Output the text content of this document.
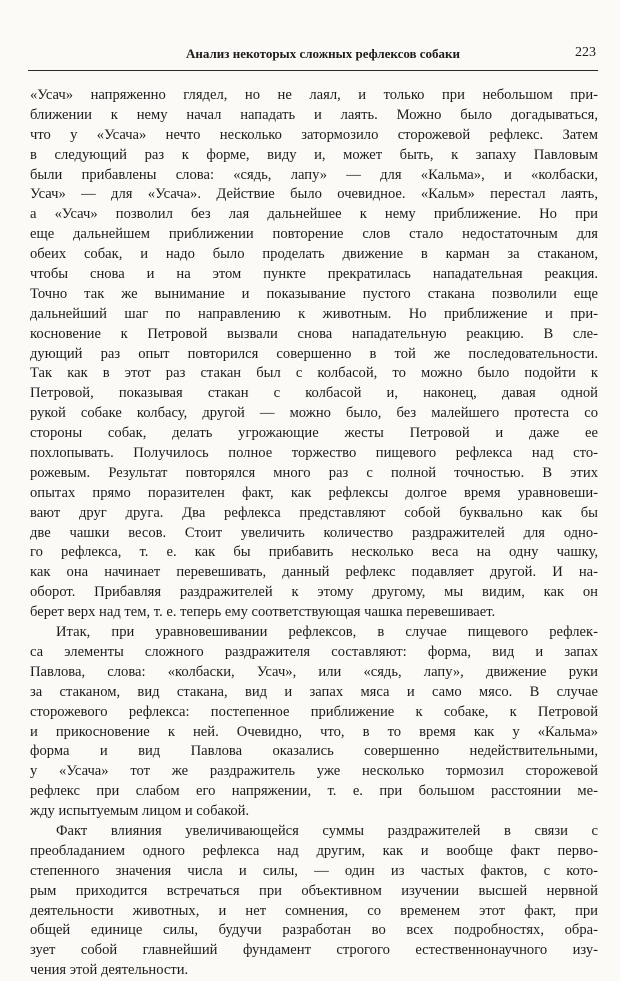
Анализ некоторых сложных рефлексов собаки	223
«Усач» напряженно глядел, но не лаял, и только при небольшом при-
ближении к нему начал нападать и лаять. Можно было догадываться,
что у «Усача» нечто несколько затормозило сторожевой рефлекс. Затем
в следующий раз к форме, виду и, может быть, к запаху Павловым
были прибавлены слова: «сядь, лапу» — для «Кальма», и «колбаски,
Усач» — для «Усача». Действие было очевидное. «Кальм» перестал лаять,
а «Усач» позволил без лая дальнейшее к нему приближение. Но при
еще дальнейшем приближении повторение слов стало недостаточным для
обеих собак, и надо было проделать движение в карман за стаканом,
чтобы снова и на этом пункте прекратилась нападательная реакция.
Точно так же вынимание и показывание пустого стакана позволили еще
дальнейший шаг по направлению к животным. Но приближение и при-
косновение к Петровой вызвали снова нападательную реакцию. В сле-
дующий раз опыт повторился совершенно в той же последовательности.
Так как в этот раз стакан был с колбасой, то можно было подойти к
Петровой, показывая стакан с колбасой и, наконец, давая одной
рукой собаке колбасу, другой — можно было, без малейшего протеста со
стороны собак, делать угрожающие жесты Петровой и даже ее
похлопывать. Получилось полное торжество пищевого рефлекса над сто-
рожевым. Результат повторялся много раз с полной точностью. В этих
опытах прямо поразителен факт, как рефлексы долгое время уравновеши-
вают друг друга. Два рефлекса представляют собой буквально как бы
две чашки весов. Стоит увеличить количество раздражителей для одно-
го рефлекса, т. е. как бы прибавить несколько веса на одну чашку,
как она начинает перевешивать, данный рефлекс подавляет другой. И на-
оборот. Прибавляя раздражителей к этому другому, мы видим, как он
берет верх над тем, т. е. теперь ему соответствующая чашка перевешивает.
Итак, при уравновешивании рефлексов, в случае пищевого рефлек-
са элементы сложного раздражителя составляют: форма, вид и запах
Павлова, слова: «колбаски, Усач», или «сядь, лапу», движение руки
за стаканом, вид стакана, вид и запах мяса и само мясо. В случае
сторожевого рефлекса: постепенное приближение к собаке, к Петровой
и прикосновение к ней. Очевидно, что, в то время как у «Кальма»
форма и вид Павлова оказались совершенно недействительными,
у «Усача» тот же раздражитель уже несколько тормозил сторожевой
рефлекс при слабом его напряжении, т. е. при большом расстоянии ме-
жду испытуемым лицом и собакой.
Факт влияния увеличивающейся суммы раздражителей в связи с
преобладанием одного рефлекса над другим, как и вообще факт перво-
степенного значения числа и силы, — один из частых фактов, с кото-
рым приходится встречаться при объективном изучении высшей нервной
деятельности животных, и нет сомнения, со временем этот факт, при
общей единице силы, будучи разработан во всех подробностях, обра-
зует собой главнейший фундамент строгого естественнонаучного изу-
чения этой деятельности.
